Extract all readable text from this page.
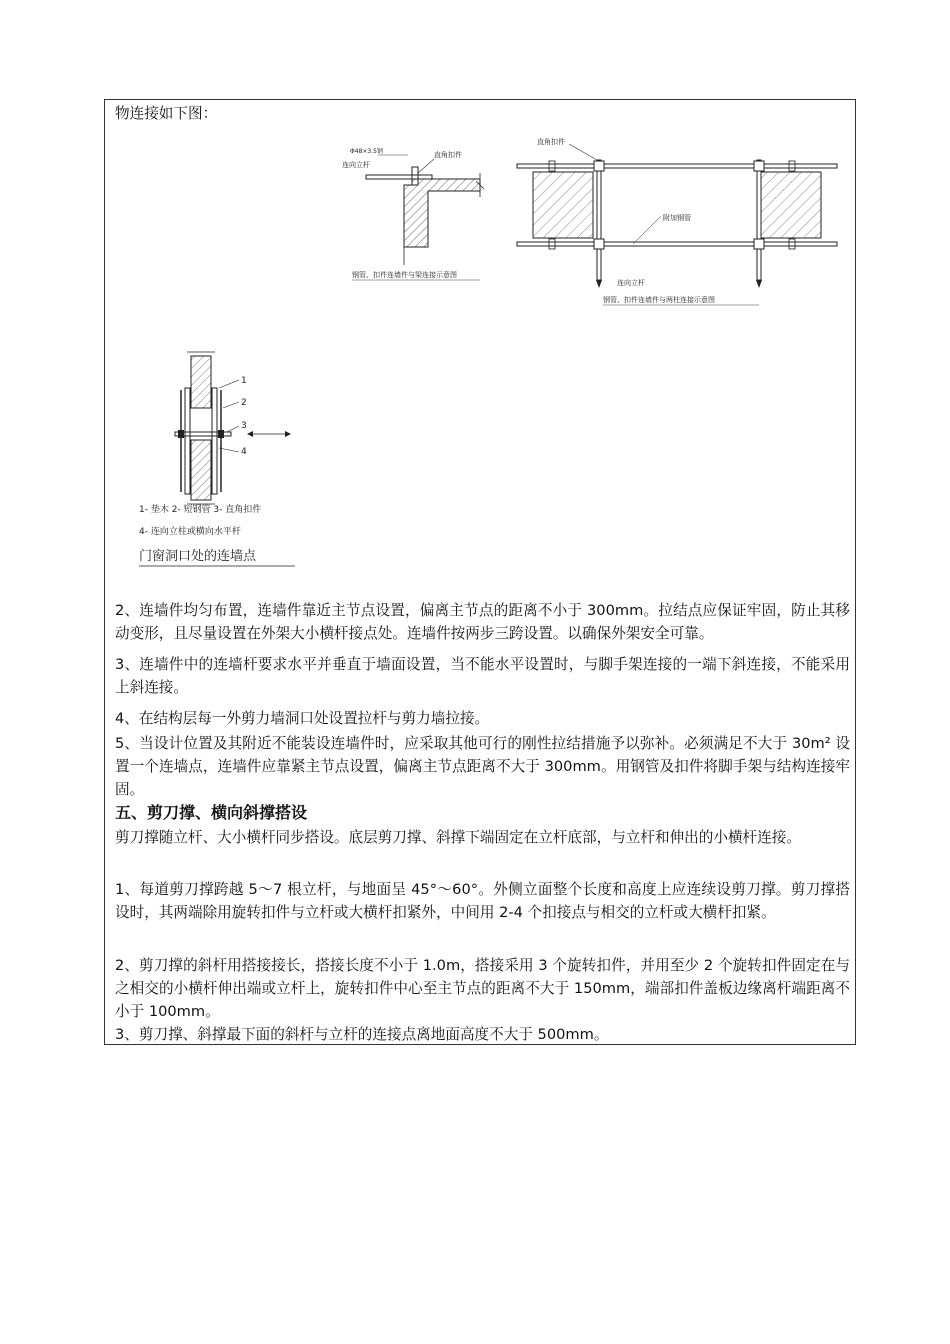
物连接如下图：
Φ48×3.5钢
连向立杆
直角扣件
钢管、扣件连墙件与梁连接示意图
直角扣件
附加钢管
连向立杆
钢管、扣件连墙件与两柱连接示意图
1
2
3
4
1- 垫木 2- 短钢管 3- 直角扣件
4- 连向立柱或横向水平杆
门窗洞口处的连墙点
2、连墙件均匀布置，连墙件靠近主节点设置，偏离主节点的距离不小于 300mm。拉结点应保证牢固，防止其移动变形，且尽量设置在外架大小横杆接点处。连墙件按两步三跨设置。以确保外架安全可靠。
3、连墙件中的连墙杆要求水平并垂直于墙面设置，当不能水平设置时，与脚手架连接的一端下斜连接，不能采用上斜连接。
4、在结构层每一外剪力墙洞口处设置拉杆与剪力墙拉接。
5、当设计位置及其附近不能装设连墙件时，应采取其他可行的刚性拉结措施予以弥补。必须满足不大于 30m² 设置一个连墙点，连墙件应靠紧主节点设置，偏离主节点距离不大于 300mm。用钢管及扣件将脚手架与结构连接牢固。
五、剪刀撑、横向斜撑搭设
剪刀撑随立杆、大小横杆同步搭设。底层剪刀撑、斜撑下端固定在立杆底部，与立杆和伸出的小横杆连接。
1、每道剪刀撑跨越 5～7 根立杆，与地面呈 45°～60°。外侧立面整个长度和高度上应连续设剪刀撑。剪刀撑搭设时，其两端除用旋转扣件与立杆或大横杆扣紧外，中间用 2-4 个扣接点与相交的立杆或大横杆扣紧。
2、剪刀撑的斜杆用搭接接长，搭接长度不小于 1.0m，搭接采用 3 个旋转扣件，并用至少 2 个旋转扣件固定在与之相交的小横杆伸出端或立杆上，旋转扣件中心至主节点的距离不大于 150mm，端部扣件盖板边缘离杆端距离不小于 100mm。
3、剪刀撑、斜撑最下面的斜杆与立杆的连接点离地面高度不大于 500mm。
